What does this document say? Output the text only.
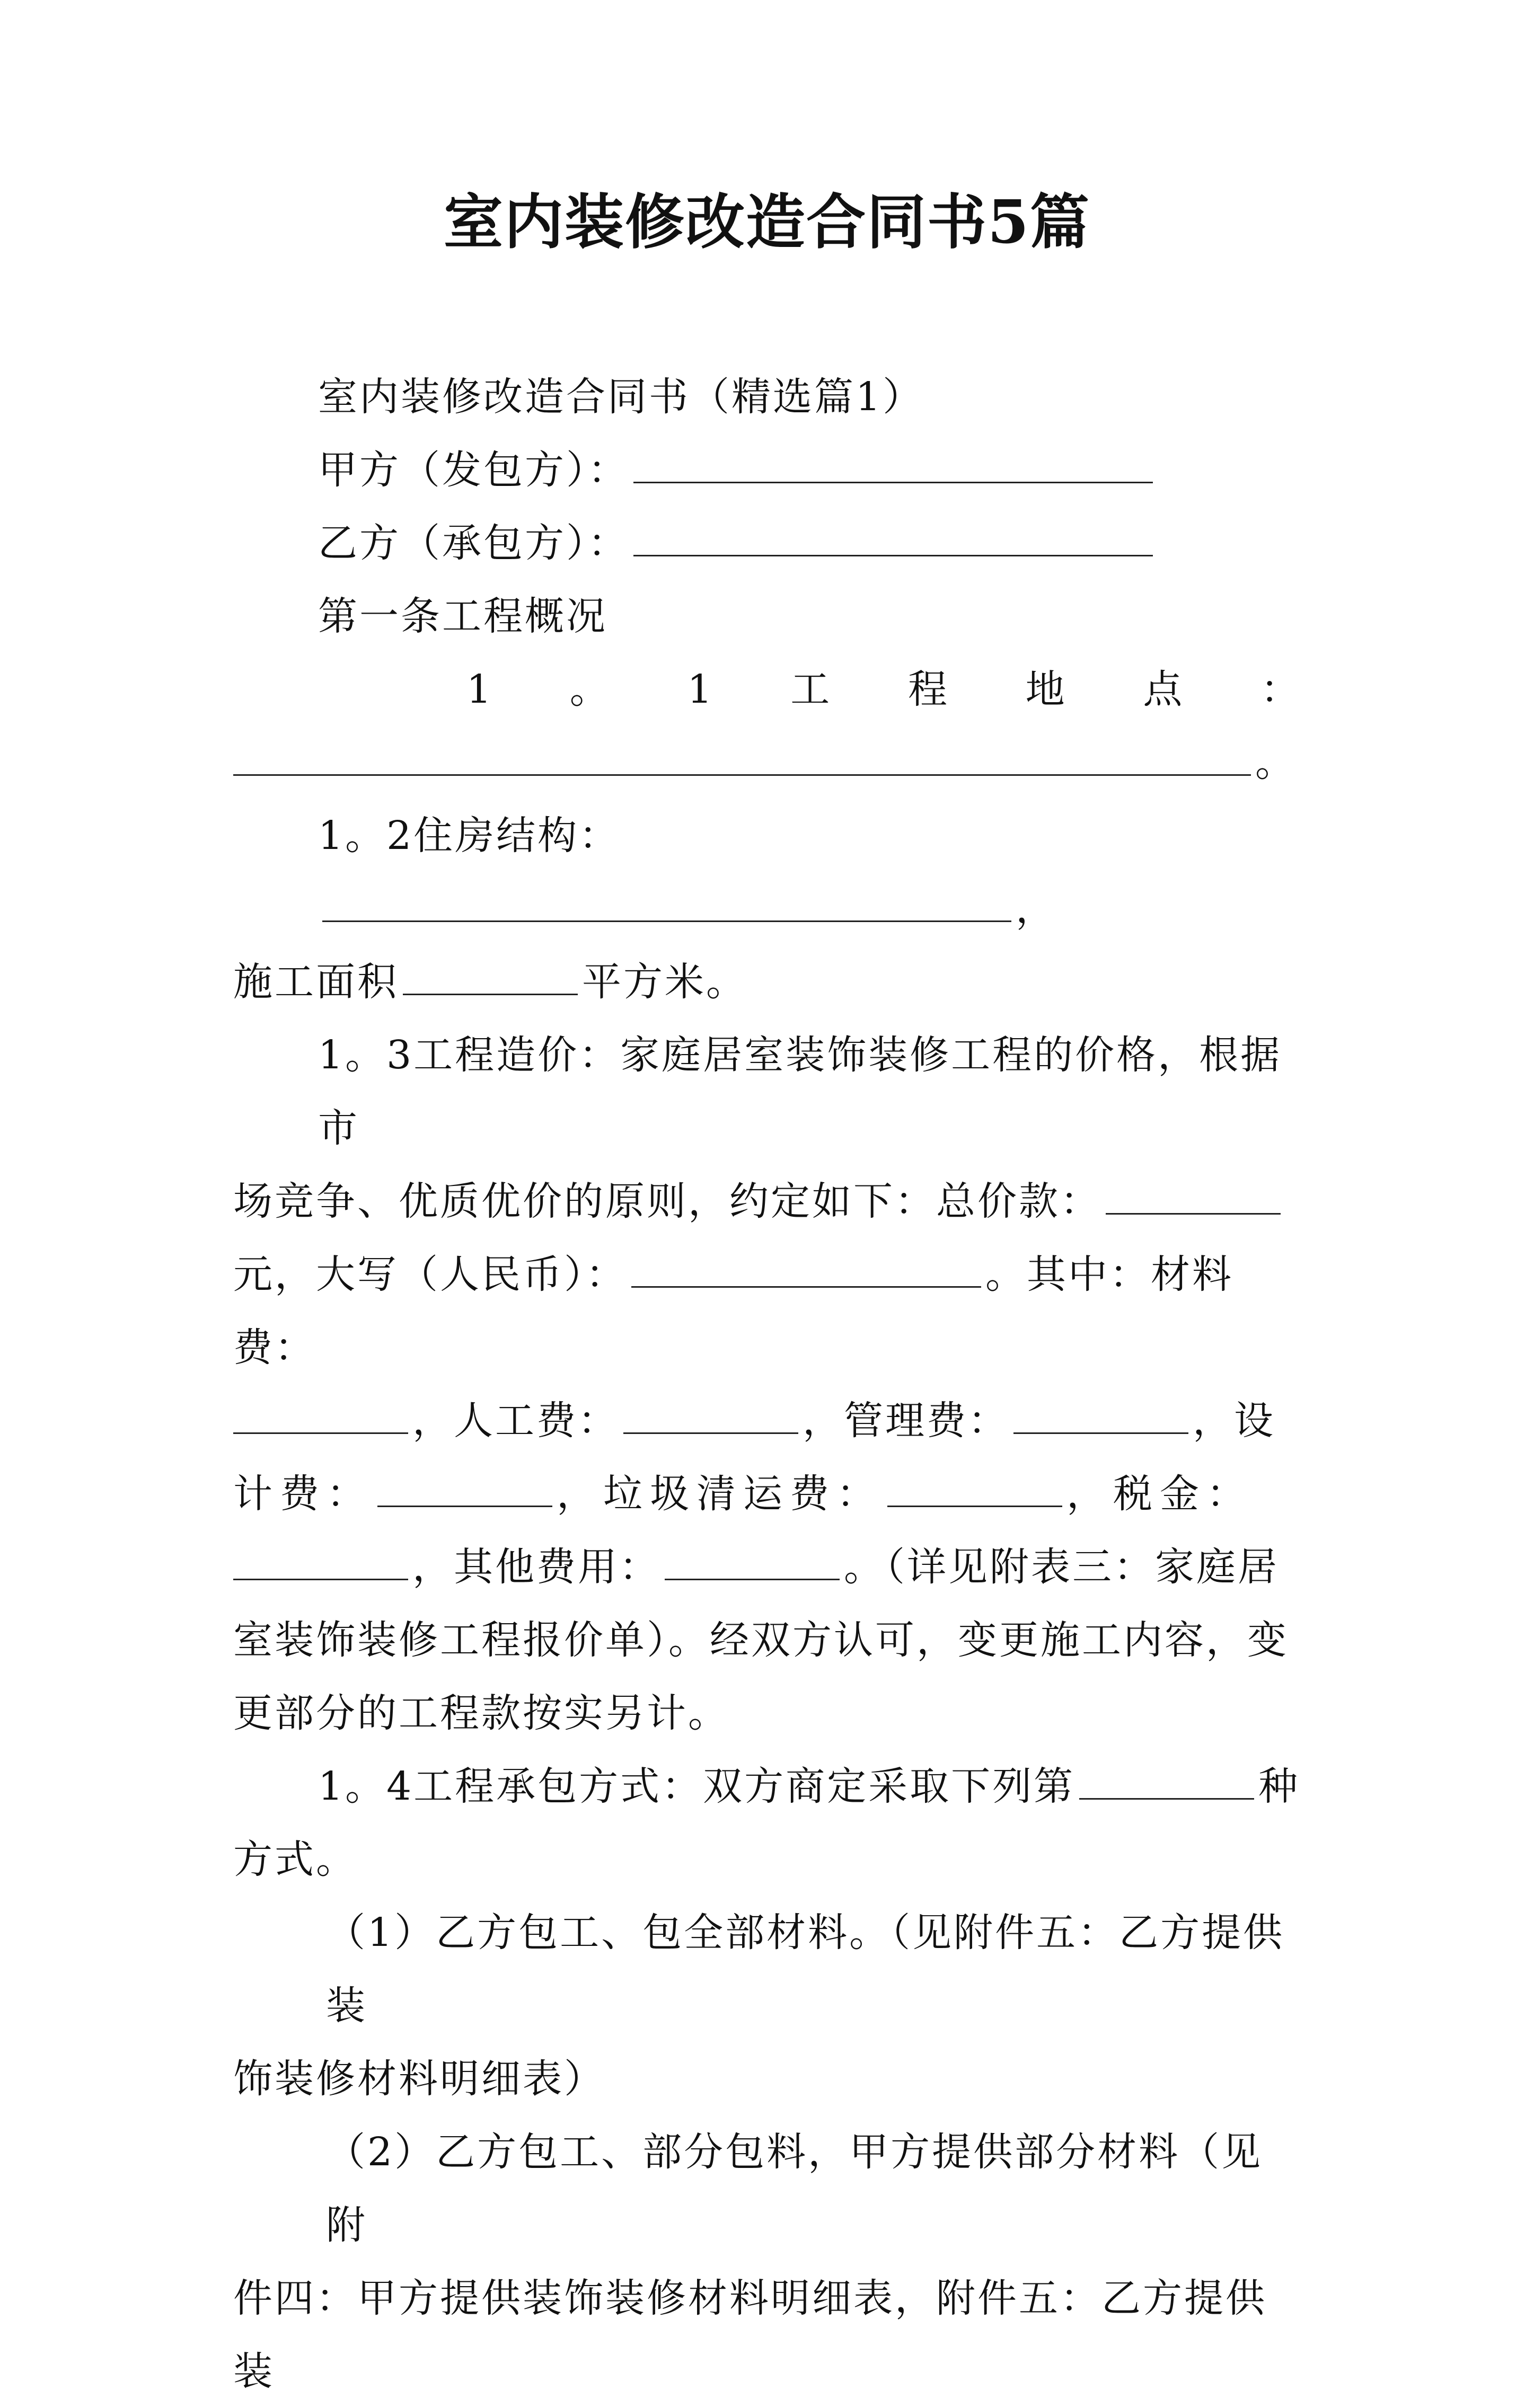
室内装修改造合同书5篇

室内装修改造合同书（精选篇1）

甲方（发包方）：

乙方（承包方）：

第一条工程概况

1 。 1 工 程 地 点 ：

。

1。2住房结构：，

施工面积	平方米。

1。3工程造价：家庭居室装饰装修工程的价格，根据市

场竞争、优质优价的原则，约定如下：总价款：

元，大写（人民币）：	。其中：材料费：

，人工费：	，管理费：	，设

计费：	，垃圾清运费：	，税金：

，其他费用：	。（详见附表三：家庭居

室装饰装修工程报价单）。经双方认可，变更施工内容，变

更部分的工程款按实另计。

1。4工程承包方式：双方商定采取下列第	种

方式。

（1）乙方包工、包全部材料。（见附件五：乙方提供装

饰装修材料明细表）

（2）乙方包工、部分包料，甲方提供部分材料（见附

件四：甲方提供装饰装修材料明细表，附件五：乙方提供装
